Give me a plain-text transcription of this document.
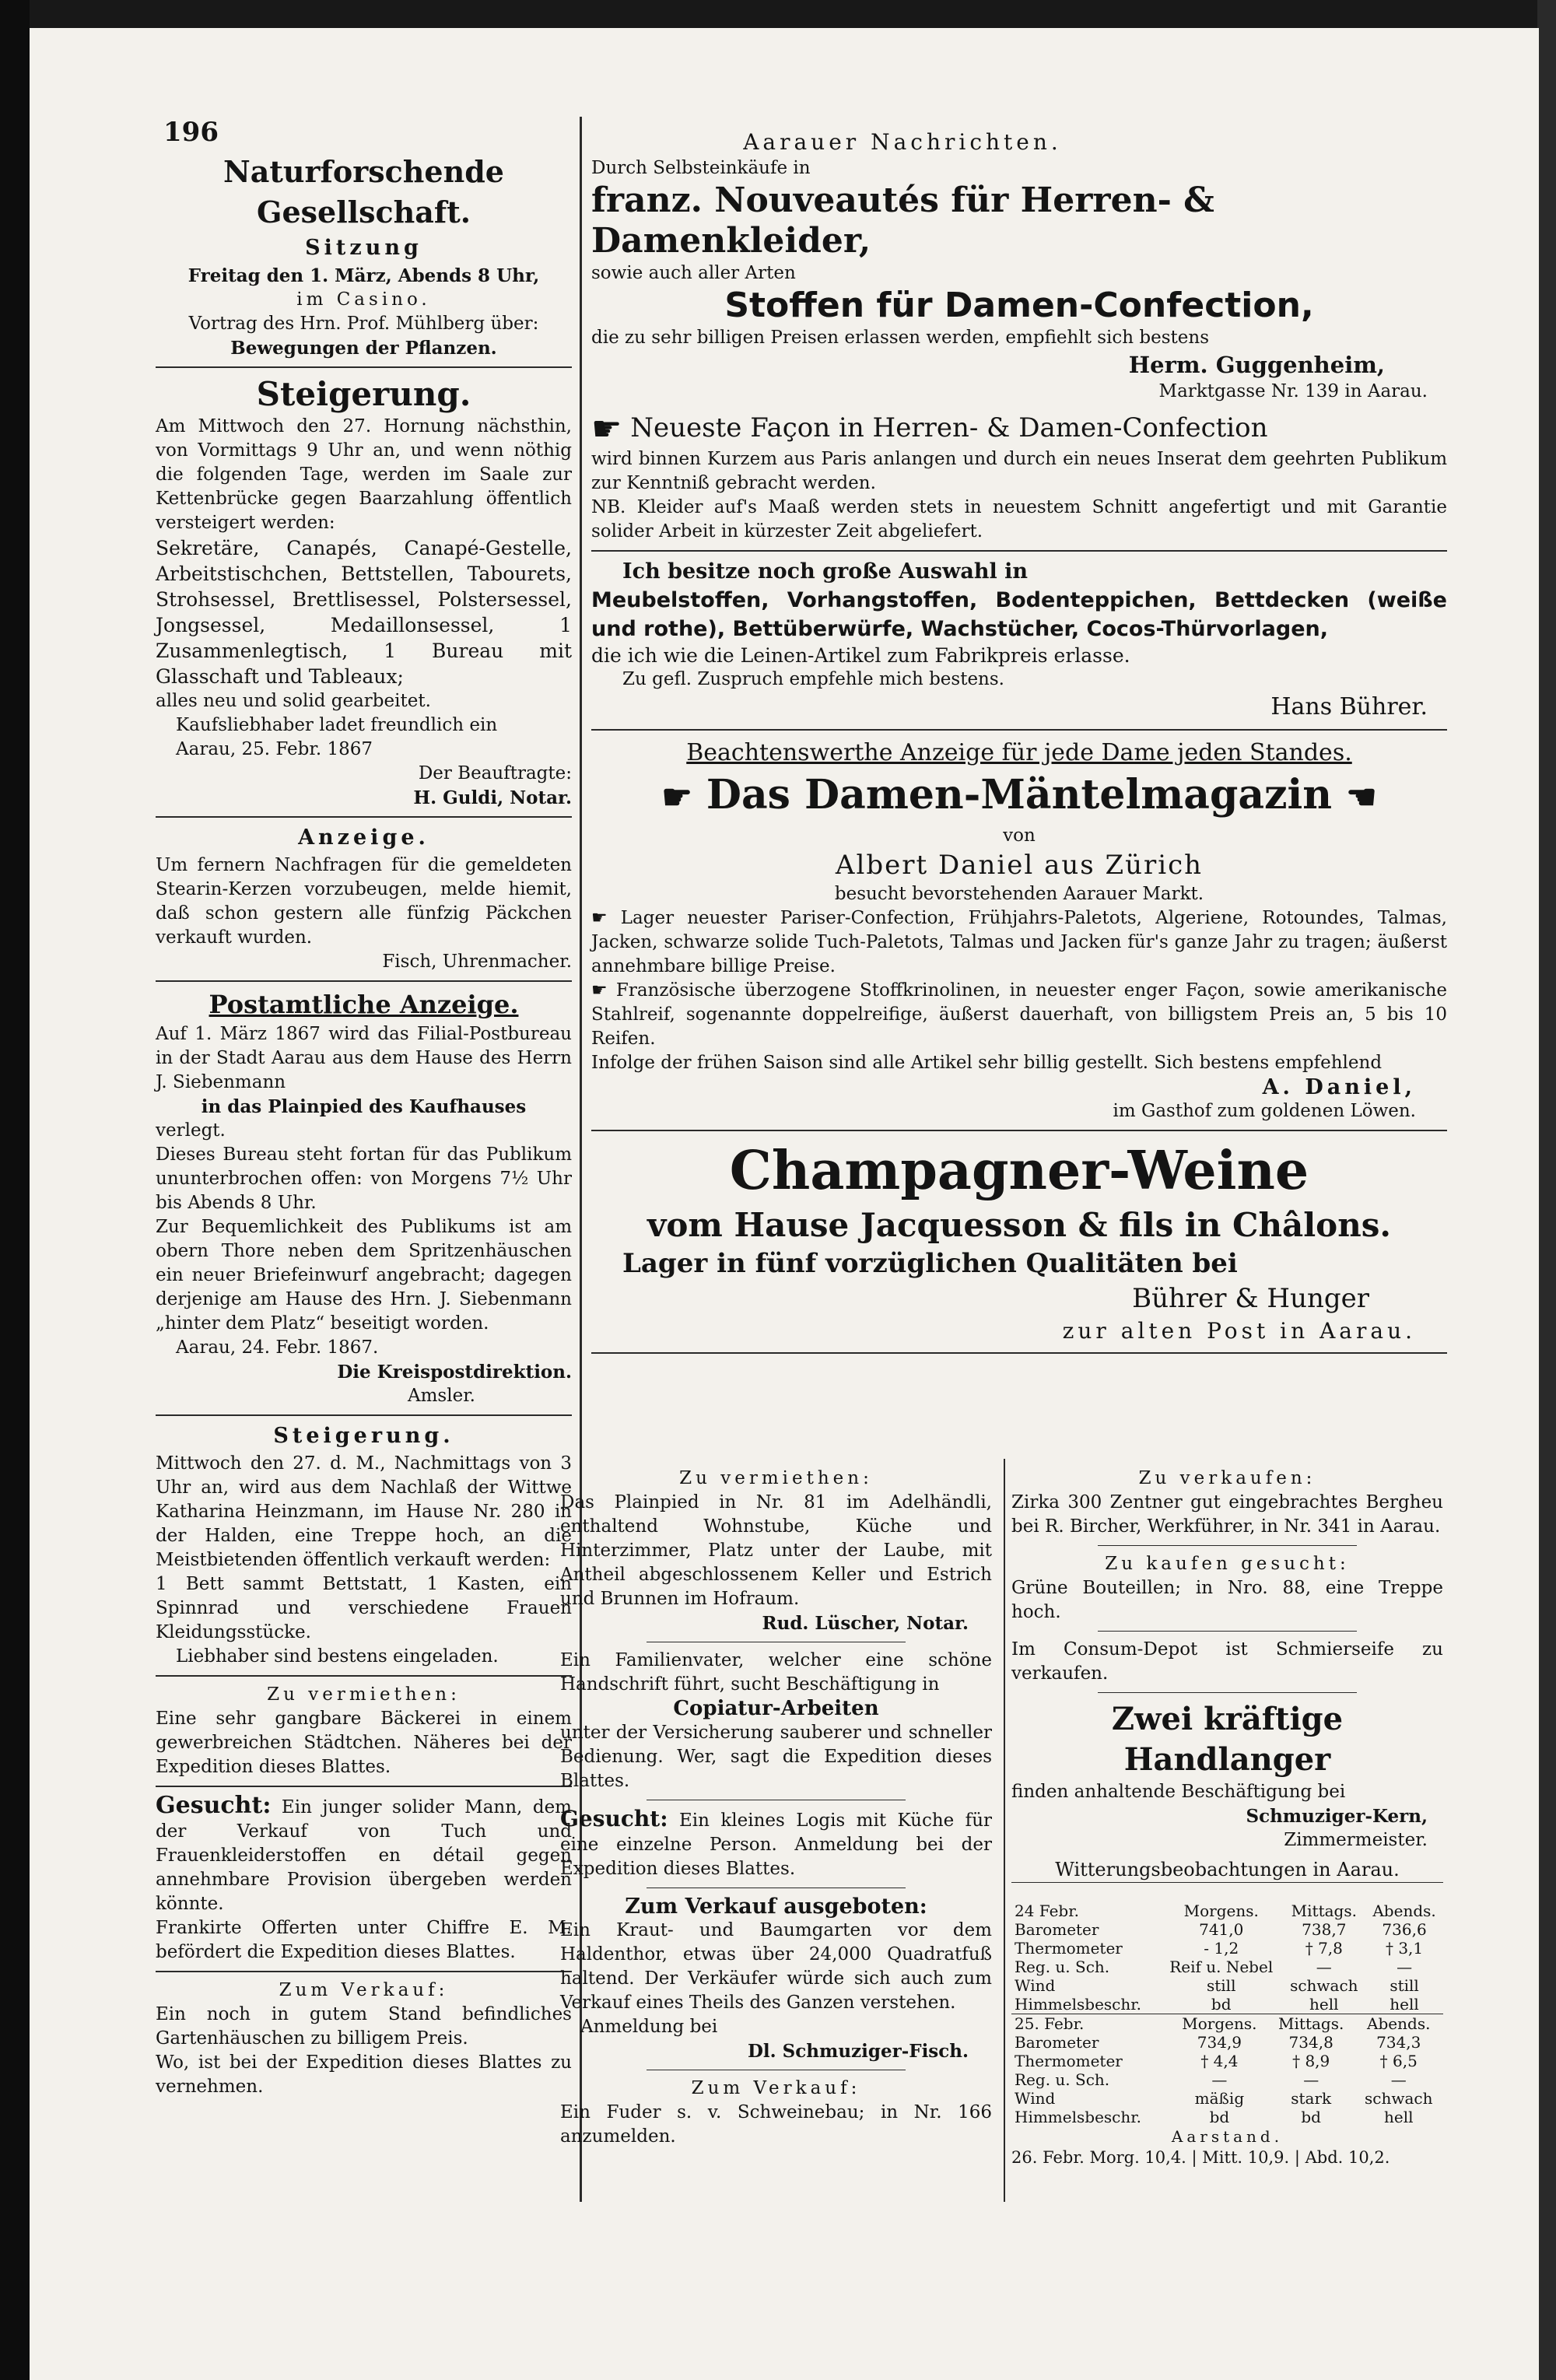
196

Naturforschende Gesellschaft.

Sitzung

Freitag den 1. März, Abends 8 Uhr,

im Casino.

Vortrag des Hrn. Prof. Mühlberg über:

Bewegungen der Pflanzen.

Steigerung.

Am Mittwoch den 27. Hornung nächsthin, von Vormittags 9 Uhr an, und wenn nöthig die folgenden Tage, werden im Saale zur Kettenbrücke gegen Baarzahlung öffentlich versteigert werden:

Sekretäre, Canapés, Canapé-Gestelle, Arbeitstischchen, Bettstellen, Tabourets, Strohsessel, Brettlisessel, Polstersessel, Jongsessel, Medaillonsessel, 1 Zusammenlegtisch, 1 Bureau mit Glasschaft und Tableaux;

alles neu und solid gearbeitet.

Kaufsliebhaber ladet freundlich ein

Aarau, 25. Febr. 1867

Der Beauftragte:

H. Guldi, Notar.

Anzeige.

Um fernern Nachfragen für die gemeldeten Stearin-Kerzen vorzubeugen, melde hiemit, daß schon gestern alle fünfzig Päckchen verkauft wurden.

Fisch, Uhrenmacher.

Postamtliche Anzeige.

Auf 1. März 1867 wird das Filial-Postbureau in der Stadt Aarau aus dem Hause des Herrn J. Siebenmann

in das Plainpied des Kaufhauses

verlegt.

Dieses Bureau steht fortan für das Publikum ununterbrochen offen: von Morgens 7½ Uhr bis Abends 8 Uhr.

Zur Bequemlichkeit des Publikums ist am obern Thore neben dem Spritzenhäuschen ein neuer Briefeinwurf angebracht; dagegen derjenige am Hause des Hrn. J. Siebenmann „hinter dem Platz“ beseitigt worden.

Aarau, 24. Febr. 1867.

Die Kreispostdirektion.

Amsler.

Steigerung.

Mittwoch den 27. d. M., Nachmittags von 3 Uhr an, wird aus dem Nachlaß der Wittwe Katharina Heinzmann, im Hause Nr. 280 in der Halden, eine Treppe hoch, an die Meistbietenden öffentlich verkauft werden:

1 Bett sammt Bettstatt, 1 Kasten, ein Spinnrad und verschiedene Frauen Kleidungsstücke.

Liebhaber sind bestens eingeladen.

Zu vermiethen:

Eine sehr gangbare Bäckerei in einem gewerbreichen Städtchen. Näheres bei der Expedition dieses Blattes.

Gesucht: Ein junger solider Mann, dem der Verkauf von Tuch und Frauenkleiderstoffen en détail gegen annehmbare Provision übergeben werden könnte.

Frankirte Offerten unter Chiffre E. M. befördert die Expedition dieses Blattes.

Zum Verkauf:

Ein noch in gutem Stand befindliches Gartenhäuschen zu billigem Preis.

Wo, ist bei der Expedition dieses Blattes zu vernehmen.

Aarauer Nachrichten.

Durch Selbsteinkäufe in

franz. Nouveautés für Herren- & Damenkleider,

sowie auch aller Arten

Stoffen für Damen-Confection,

die zu sehr billigen Preisen erlassen werden, empfiehlt sich bestens

Herm. Guggenheim,

Marktgasse Nr. 139 in Aarau.

☛ Neueste Façon in Herren- & Damen-Confection

wird binnen Kurzem aus Paris anlangen und durch ein neues Inserat dem geehrten Publikum zur Kenntniß gebracht werden.

NB. Kleider auf's Maaß werden stets in neuestem Schnitt angefertigt und mit Garantie solider Arbeit in kürzester Zeit abgeliefert.

Ich besitze noch große Auswahl in

Meubelstoffen, Vorhangstoffen, Bodenteppichen, Bettdecken (weiße und rothe), Bettüberwürfe, Wachstücher, Cocos-Thürvorlagen,

die ich wie die Leinen-Artikel zum Fabrikpreis erlasse.

Zu gefl. Zuspruch empfehle mich bestens.

Hans Bührer.

Beachtenswerthe Anzeige für jede Dame jeden Standes.

☛ Das Damen-Mäntelmagazin ☚

von

Albert Daniel aus Zürich

besucht bevorstehenden Aarauer Markt.

☛ Lager neuester Pariser-Confection, Frühjahrs-Paletots, Algeriene, Rotoundes, Talmas, Jacken, schwarze solide Tuch-Paletots, Talmas und Jacken für's ganze Jahr zu tragen; äußerst annehmbare billige Preise.

☛ Französische überzogene Stoffkrinolinen, in neuester enger Façon, sowie amerikanische Stahlreif, sogenannte doppelreifige, äußerst dauerhaft, von billigstem Preis an, 5 bis 10 Reifen.

Infolge der frühen Saison sind alle Artikel sehr billig gestellt. Sich bestens empfehlend

A. Daniel,

im Gasthof zum goldenen Löwen.

Champagner-Weine

vom Hause Jacquesson & fils in Châlons.

Lager in fünf vorzüglichen Qualitäten bei

Bührer & Hunger

zur alten Post in Aarau.

Zu vermiethen:

Das Plainpied in Nr. 81 im Adelhändli, enthaltend Wohnstube, Küche und Hinterzimmer, Platz unter der Laube, mit Antheil abgeschlossenem Keller und Estrich und Brunnen im Hofraum.

Rud. Lüscher, Notar.

Ein Familienvater, welcher eine schöne Handschrift führt, sucht Beschäftigung in

Copiatur-Arbeiten

unter der Versicherung sauberer und schneller Bedienung. Wer, sagt die Expedition dieses Blattes.

Gesucht: Ein kleines Logis mit Küche für eine einzelne Person. Anmeldung bei der Expedition dieses Blattes.

Zum Verkauf ausgeboten:

Ein Kraut- und Baumgarten vor dem Haldenthor, etwas über 24,000 Quadratfuß haltend. Der Verkäufer würde sich auch zum Verkauf eines Theils des Ganzen verstehen.

Anmeldung bei

Dl. Schmuziger-Fisch.

Zum Verkauf:

Ein Fuder s. v. Schweinebau; in Nr. 166 anzumelden.

Zu verkaufen:

Zirka 300 Zentner gut eingebrachtes Bergheu bei R. Bircher, Werkführer, in Nr. 341 in Aarau.

Zu kaufen gesucht:

Grüne Bouteillen; in Nro. 88, eine Treppe hoch.

Im Consum-Depot ist Schmierseife zu verkaufen.

Zwei kräftige Handlanger

finden anhaltende Beschäftigung bei

Schmuziger-Kern,

Zimmermeister.

Witterungsbeobachtungen in Aarau.

24 Febr.	Morgens.	Mittags.	Abends.
Barometer	741,0	738,7	736,6
Thermometer	- 1,2	† 7,8	† 3,1
Reg. u. Sch.	Reif u. Nebel	—	—
Wind	still	schwach	still
Himmelsbeschr.	bd	hell	hell
25. Febr.	Morgens.	Mittags.	Abends.
Barometer	734,9	734,8	734,3
Thermometer	† 4,4	† 8,9	† 6,5
Reg. u. Sch.	—	—	—
Wind	mäßig	stark	schwach
Himmelsbeschr.	bd	bd	hell

Aarstand.

26. Febr. Morg. 10,4. | Mitt. 10,9. | Abd. 10,2.
